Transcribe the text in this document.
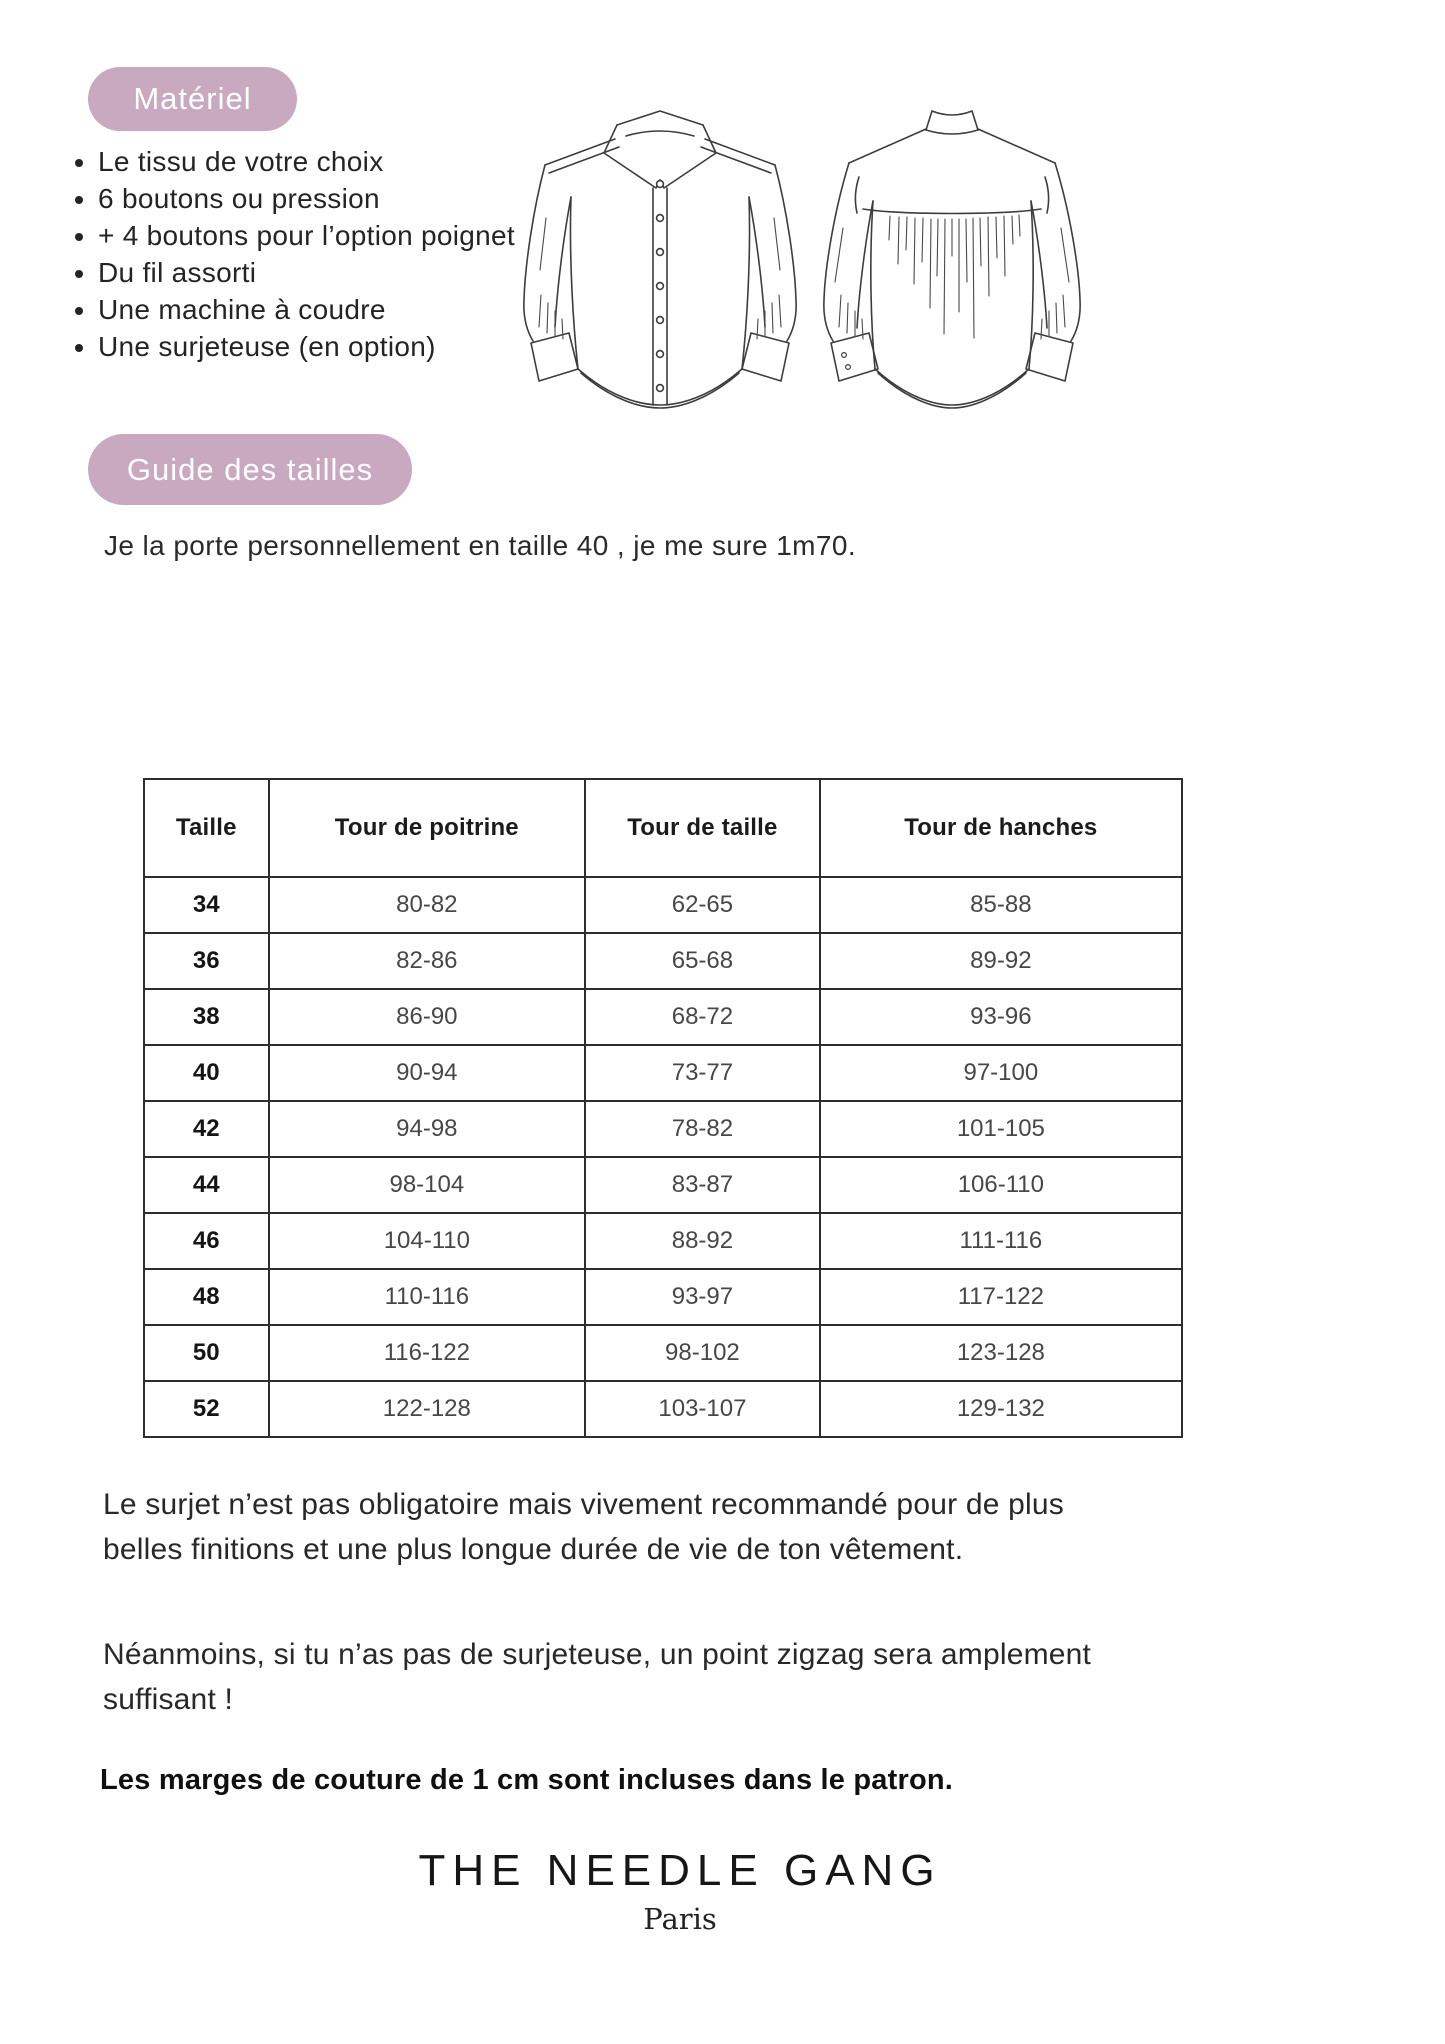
Matériel
• Le tissu de votre choix
• 6 boutons ou pression
• + 4 boutons pour l’option poignet
• Du fil assorti
• Une machine à coudre
• Une surjeteuse (en option)
Guide des tailles
Je la porte personnellement en taille 40 , je me sure 1m70.
Taille	Tour de poitrine	Tour de taille	Tour de hanches
34	80-82	62-65	85-88
36	82-86	65-68	89-92
38	86-90	68-72	93-96
40	90-94	73-77	97-100
42	94-98	78-82	101-105
44	98-104	83-87	106-110
46	104-110	88-92	111-116
48	110-116	93-97	117-122
50	116-122	98-102	123-128
52	122-128	103-107	129-132
Le surjet n’est pas obligatoire mais vivement recommandé pour de plus belles finitions et une plus longue durée de vie de ton vêtement.
Néanmoins, si tu n’as pas de surjeteuse, un point zigzag sera amplement suffisant !
Les marges de couture de 1 cm sont incluses dans le patron.
THE NEEDLE GANG
Paris
